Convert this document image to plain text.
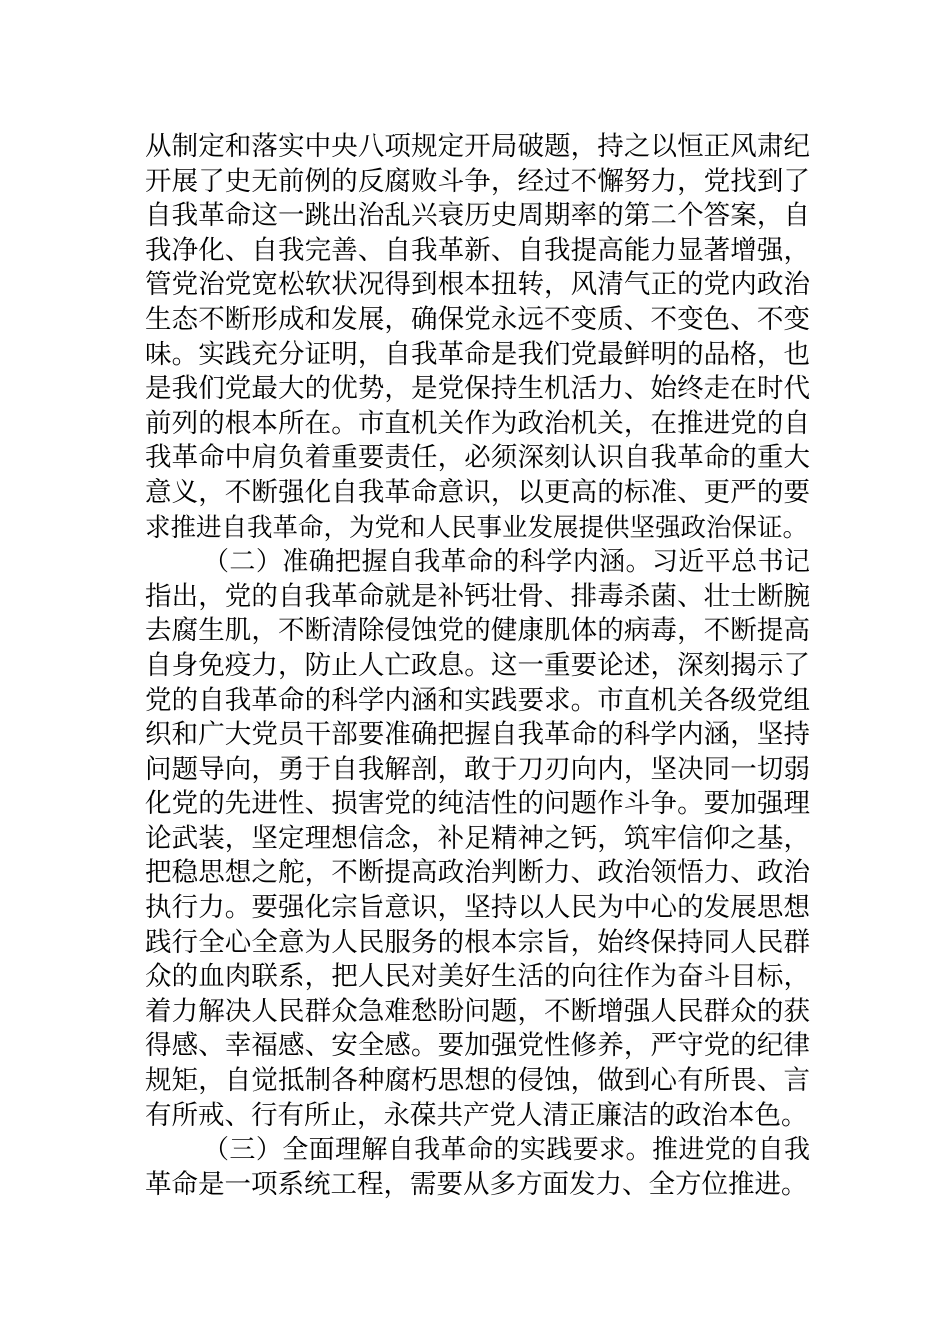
从制定和落实中央八项规定开局破题，持之以恒正风肃纪
开展了史无前例的反腐败斗争，经过不懈努力，党找到了
自我革命这一跳出治乱兴衰历史周期率的第二个答案，自
我净化、自我完善、自我革新、自我提高能力显著增强，
管党治党宽松软状况得到根本扭转，风清气正的党内政治
生态不断形成和发展，确保党永远不变质、不变色、不变
味。实践充分证明，自我革命是我们党最鲜明的品格，也
是我们党最大的优势，是党保持生机活力、始终走在时代
前列的根本所在。市直机关作为政治机关，在推进党的自
我革命中肩负着重要责任，必须深刻认识自我革命的重大
意义，不断强化自我革命意识，以更高的标准、更严的要
求推进自我革命，为党和人民事业发展提供坚强政治保证。
（二）准确把握自我革命的科学内涵。习近平总书记
指出，党的自我革命就是补钙壮骨、排毒杀菌、壮士断腕
去腐生肌，不断清除侵蚀党的健康肌体的病毒，不断提高
自身免疫力，防止人亡政息。这一重要论述，深刻揭示了
党的自我革命的科学内涵和实践要求。市直机关各级党组
织和广大党员干部要准确把握自我革命的科学内涵，坚持
问题导向，勇于自我解剖，敢于刀刃向内，坚决同一切弱
化党的先进性、损害党的纯洁性的问题作斗争。要加强理
论武装，坚定理想信念，补足精神之钙，筑牢信仰之基，
把稳思想之舵，不断提高政治判断力、政治领悟力、政治
执行力。要强化宗旨意识，坚持以人民为中心的发展思想
践行全心全意为人民服务的根本宗旨，始终保持同人民群
众的血肉联系，把人民对美好生活的向往作为奋斗目标，
着力解决人民群众急难愁盼问题，不断增强人民群众的获
得感、幸福感、安全感。要加强党性修养，严守党的纪律
规矩，自觉抵制各种腐朽思想的侵蚀，做到心有所畏、言
有所戒、行有所止，永葆共产党人清正廉洁的政治本色。
（三）全面理解自我革命的实践要求。推进党的自我
革命是一项系统工程，需要从多方面发力、全方位推进。
